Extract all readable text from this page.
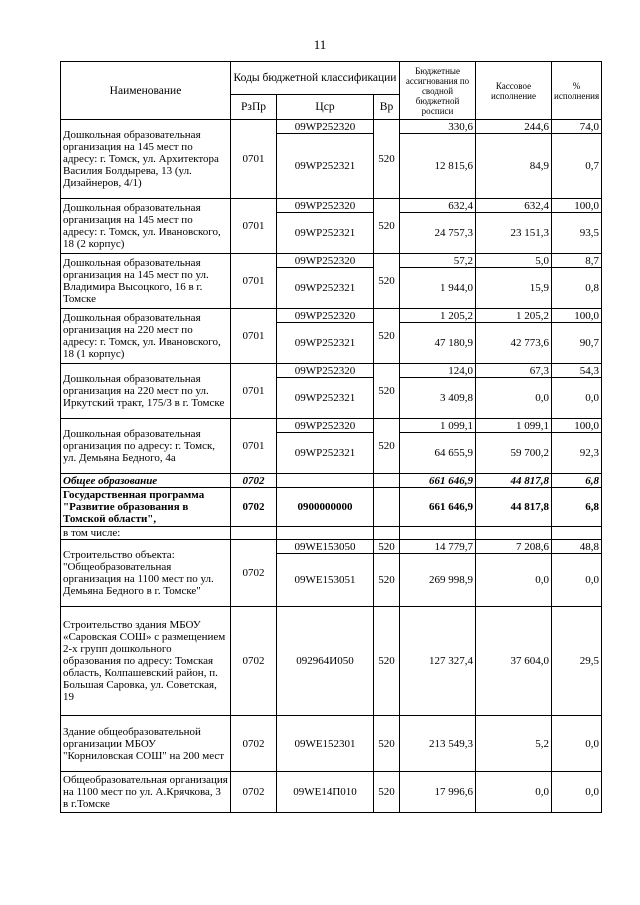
11
Наименование	Коды бюджетной классификации			Бюджетные ассигнования по сводной бюджетной росписи	Кассовое исполнение	% исполнения
	РзПр	Цср	Вр			
Дошкольная образовательная организация на 145 мест по адресу: г. Томск, ул. Архитектора Василия Болдырева, 13 (ул. Дизайнеров, 4/1)	0701	09WP252320	520	330,6	244,6	74,0
		09WP252321		12 815,6	84,9	0,7
Дошкольная образовательная организация на 145 мест по адресу: г. Томск, ул. Ивановского, 18 (2 корпус)	0701	09WP252320	520	632,4	632,4	100,0
		09WP252321		24 757,3	23 151,3	93,5
Дошкольная образовательная организация на 145 мест по ул. Владимира Высоцкого, 16 в г. Томске	0701	09WP252320	520	57,2	5,0	8,7
		09WP252321		1 944,0	15,9	0,8
Дошкольная образовательная организация на 220 мест по адресу: г. Томск, ул. Ивановского, 18 (1 корпус)	0701	09WP252320	520	1 205,2	1 205,2	100,0
		09WP252321		47 180,9	42 773,6	90,7
Дошкольная образовательная организация на 220 мест по ул. Иркутский тракт, 175/3 в г. Томске	0701	09WP252320	520	124,0	67,3	54,3
		09WP252321		3 409,8	0,0	0,0
Дошкольная образовательная организация по адресу: г. Томск, ул. Демьяна Бедного, 4а	0701	09WP252320	520	1 099,1	1 099,1	100,0
		09WP252321		64 655,9	59 700,2	92,3
Общее образование	0702			661 646,9	44 817,8	6,8
Государственная программа "Развитие образования в Томской области",	0702	0900000000		661 646,9	44 817,8	6,8
в том числе:						
Строительство объекта: "Общеобразовательная организация на 1100 мест по ул. Демьяна Бедного в г. Томске"	0702	09WE153050	520	14 779,7	7 208,6	48,8
		09WE153051	520	269 998,9	0,0	0,0
Строительство здания МБОУ «Саровская СОШ» с размещением 2-х групп дошкольного образования по адресу: Томская область, Колпашевский район, п. Большая Саровка, ул. Советская, 19	0702	092964И050	520	127 327,4	37 604,0	29,5
Здание общеобразовательной организации МБОУ "Корниловская СОШ" на 200 мест	0702	09WE152301	520	213 549,3	5,2	0,0
Общеобразовательная организация на 1100 мест по ул. А.Крячкова, 3 в г.Томске	0702	09WE14П010	520	17 996,6	0,0	0,0
